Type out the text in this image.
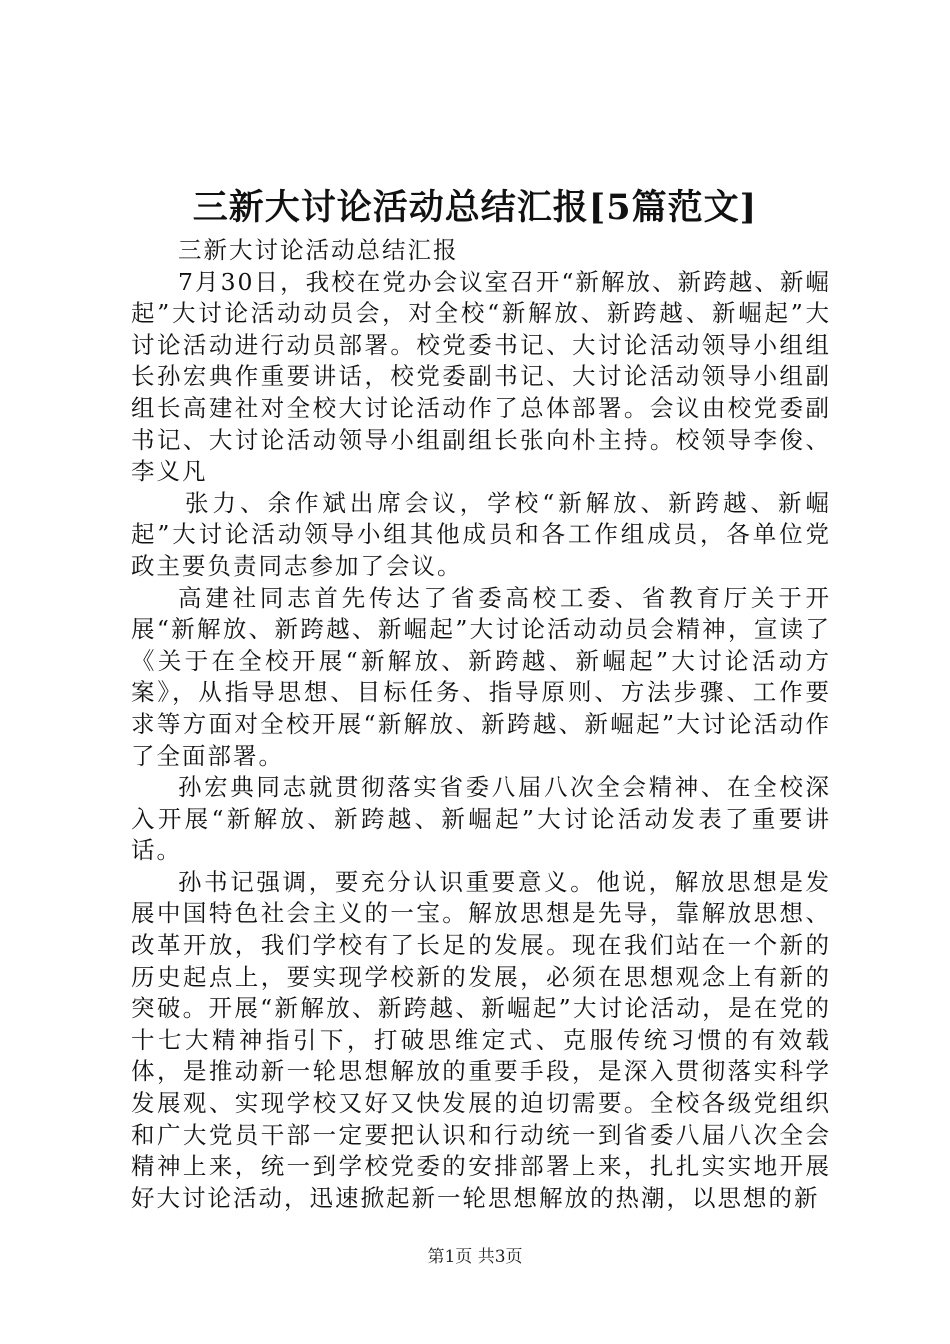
三新大讨论活动总结汇报[5篇范文]

三新大讨论活动总结汇报

7月30日，我校在党办会议室召开“新解放、新跨越、新崛起”大讨论活动动员会，对全校“新解放、新跨越、新崛起”大讨论活动进行动员部署。校党委书记、大讨论活动领导小组组长孙宏典作重要讲话，校党委副书记、大讨论活动领导小组副组长高建社对全校大讨论活动作了总体部署。会议由校党委副书记、大讨论活动领导小组副组长张向朴主持。校领导李俊、李义凡

张力、余作斌出席会议，学校“新解放、新跨越、新崛起”大讨论活动领导小组其他成员和各工作组成员，各单位党政主要负责同志参加了会议。

高建社同志首先传达了省委高校工委、省教育厅关于开展“新解放、新跨越、新崛起”大讨论活动动员会精神，宣读了《关于在全校开展“新解放、新跨越、新崛起”大讨论活动方案》，从指导思想、目标任务、指导原则、方法步骤、工作要求等方面对全校开展“新解放、新跨越、新崛起”大讨论活动作了全面部署。

孙宏典同志就贯彻落实省委八届八次全会精神、在全校深入开展“新解放、新跨越、新崛起”大讨论活动发表了重要讲话。

孙书记强调，要充分认识重要意义。他说，解放思想是发展中国特色社会主义的一宝。解放思想是先导，靠解放思想、改革开放，我们学校有了长足的发展。现在我们站在一个新的历史起点上，要实现学校新的发展，必须在思想观念上有新的突破。开展“新解放、新跨越、新崛起”大讨论活动，是在党的十七大精神指引下，打破思维定式、克服传统习惯的有效载体，是推动新一轮思想解放的重要手段，是深入贯彻落实科学发展观、实现学校又好又快发展的迫切需要。全校各级党组织和广大党员干部一定要把认识和行动统一到省委八届八次全会精神上来，统一到学校党委的安排部署上来，扎扎实实地开展好大讨论活动，迅速掀起新一轮思想解放的热潮，以思想的新

第1页 共3页
